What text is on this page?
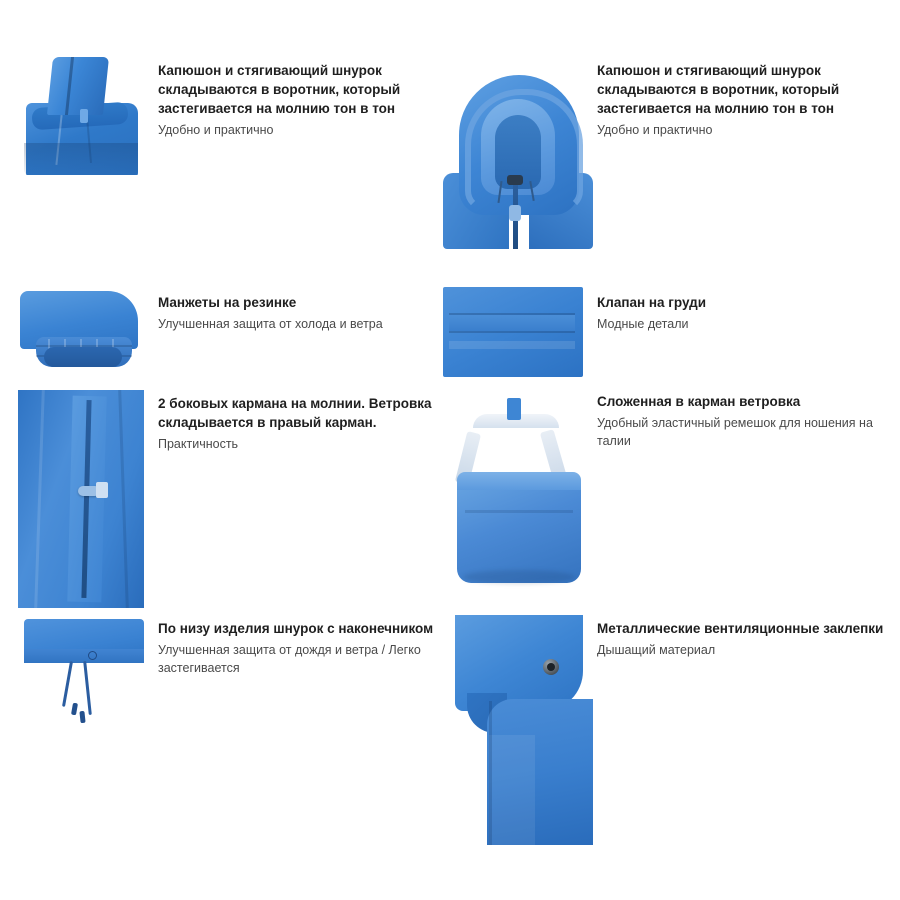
Капюшон и стягивающий шнурок складываются в воротник, который застегивается на молнию тон в тон

Удобно и практично

Капюшон и стягивающий шнурок складываются в воротник, который застегивается на молнию тон в тон

Удобно и практично

Манжеты на резинке

Улучшенная защита от холода и ветра

Клапан на груди

Модные детали

2 боковых кармана на молнии. Ветровка складывается в правый карман.

Практичность

Сложенная в карман ветровка

Удобный эластичный ремешок для ношения на талии

По низу изделия шнурок с наконечником

Улучшенная защита от дождя и ветра / Легко застегивается

Металлические вентиляционные заклепки

Дышащий материал
